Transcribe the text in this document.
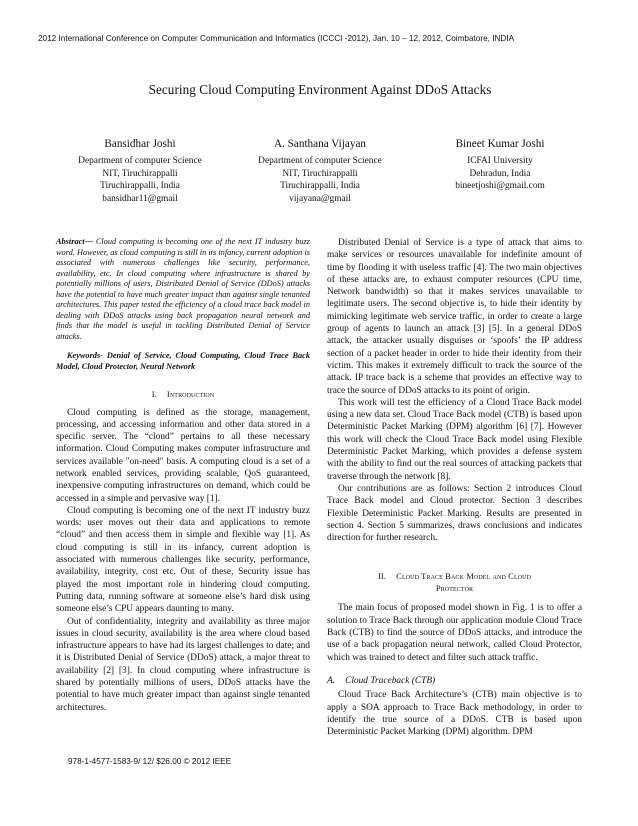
2012 International Conference on Computer Communication and Informatics (ICCCI -2012), Jan. 10 – 12, 2012, Coimbatore, INDIA
Securing Cloud Computing Environment Against DDoS Attacks
Bansidhar Joshi
Department of computer Science
NIT, Tiruchirappalli
Tiruchirappalli, India
bansidhar11@gmail
A. Santhana Vijayan
Department of computer Science
NIT, Tiruchirappalli
Tiruchirappalli, India
vijayana@gmail
Bineet Kumar Joshi
ICFAI University
Dehradun, India
bineetjoshi@gmail.com

Abstract— Cloud computing is becoming one of the next IT industry buzz word. However, as cloud computing is still in its infancy, current adoption is associated with numerous challenges like security, performance, availability, etc. In cloud computing where infrastructure is shared by potentially millions of users, Distributed Denial of Service (DDoS) attacks have the potential to have much greater impact than against single tenanted architectures. This paper tested the efficiency of a cloud trace back model in dealing with DDoS attacks using back propagation neural network and finds that the model is useful in tackling Distributed Denial of Service attacks.

Keywords- Denial of Service, Cloud Computing, Cloud Trace Back Model, Cloud Protector, Neural Network

I. Introduction

Cloud computing is defined as the storage, management, processing, and accessing information and other data stored in a specific server. The “cloud” pertains to all these necessary information. Cloud Computing makes computer infrastructure and services available "on-need" basis. A computing cloud is a set of a network enabled services, providing scalable, QoS guaranteed, inexpensive computing infrastructures on demand, which could be accessed in a simple and pervasive way [1].

Cloud computing is becoming one of the next IT industry buzz words: user moves out their data and applications to remote “cloud” and then access them in simple and flexible way [1]. As cloud computing is still in its infancy, current adoption is associated with numerous challenges like security, performance, availability, integrity, cost etc. Out of these, Security issue has played the most important role in hindering cloud computing. Putting data, running software at someone else’s hard disk using someone else’s CPU appears daunting to many.

Out of confidentiality, integrity and availability as three major issues in cloud security, availability is the area where cloud based infrastructure appears to have had its largest challenges to date; and it is Distributed Denial of Service (DDoS) attack, a major threat to availability [2] [3]. In cloud computing where infrastructure is shared by potentially millions of users, DDoS attacks have the potential to have much greater impact than against single tenanted architectures.

Distributed Denial of Service is a type of attack that aims to make services or resources unavailable for indefinite amount of time by flooding it with useless traffic [4]. The two main objectives of these attacks are, to exhaust computer resources (CPU time, Network bandwidth) so that it makes services unavailable to legitimate users. The second objective is, to hide their identity by mimicking legitimate web service traffic, in order to create a large group of agents to launch an attack [3] [5]. In a general DDoS attack, the attacker usually disguises or ‘spoofs’ the IP address section of a packet header in order to hide their identity from their victim. This makes it extremely difficult to track the source of the attack. IP trace back is a scheme that provides an effective way to trace the source of DDoS attacks to its point of origin.

This work will test the efficiency of a Cloud Trace Back model using a new data set. Cloud Trace Back model (CTB) is based upon Deterministic Packet Marking (DPM) algorithm [6] [7]. However this work will check the Cloud Trace Back model using Flexible Deterministic Packet Marking, which provides a defense system with the ability to find out the real sources of attacking packets that traverse through the network [8].

Our contributions are as follows: Section 2 introduces Cloud Trace Back model and Cloud protector. Section 3 describes Flexible Deterministic Packet Marking. Results are presented in section 4. Section 5 summarizes, draws conclusions and indicates direction for further research.

II. Cloud Trace Back Model and Cloud
Protector

The main focus of proposed model shown in Fig. 1 is to offer a solution to Trace Back through our application module Cloud Trace Back (CTB) to find the source of DDoS attacks, and introduce the use of a back propagation neural network, called Cloud Protector, which was trained to detect and filter such attack traffic.

A. Cloud Traceback (CTB)

Cloud Trace Back Architecture’s (CTB) main objective is to apply a SOA approach to Trace Back methodology, in order to identify the true source of a DDoS. CTB is based upon Deterministic Packet Marking (DPM) algorithm. DPM

978-1-4577-1583-9/ 12/ $26.00 © 2012 IEEE
